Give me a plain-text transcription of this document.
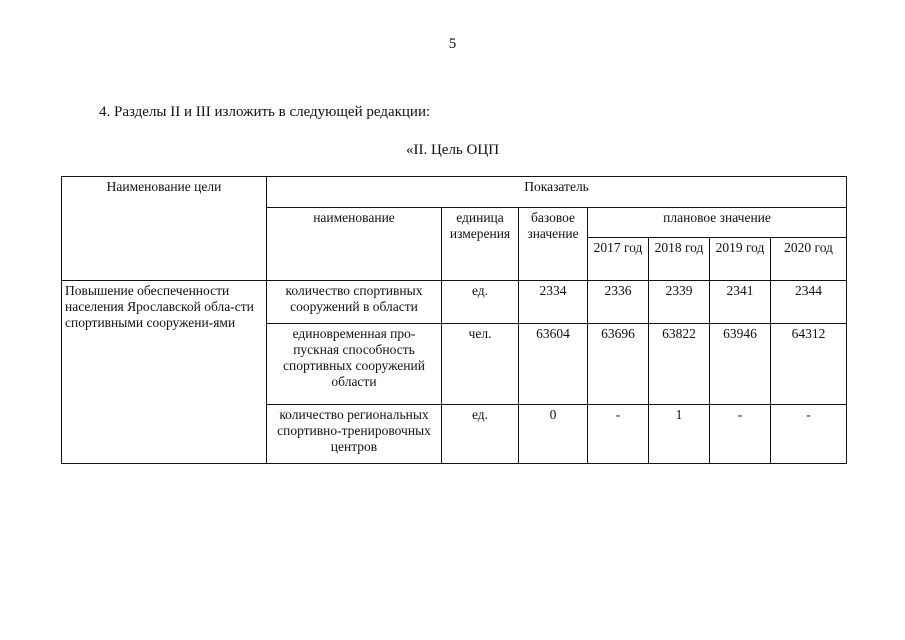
5
4. Разделы II и III изложить в следующей редакции:
«II. Цель ОЦП
Наименование цели	Показатель						
	наименование	единица измерения	базовое значение	плановое значение			
				2017 год	2018 год	2019 год	2020 год
Повышение обеспеченности населения Ярославской обла-сти спортивными сооружени-ями	количество спортивных сооружений в области	ед.	2334	2336	2339	2341	2344
	единовременная про-пускная способность спортивных сооружений области	чел.	63604	63696	63822	63946	64312
	количество региональных спортивно-тренировочных центров	ед.	0	-	1	-	-
